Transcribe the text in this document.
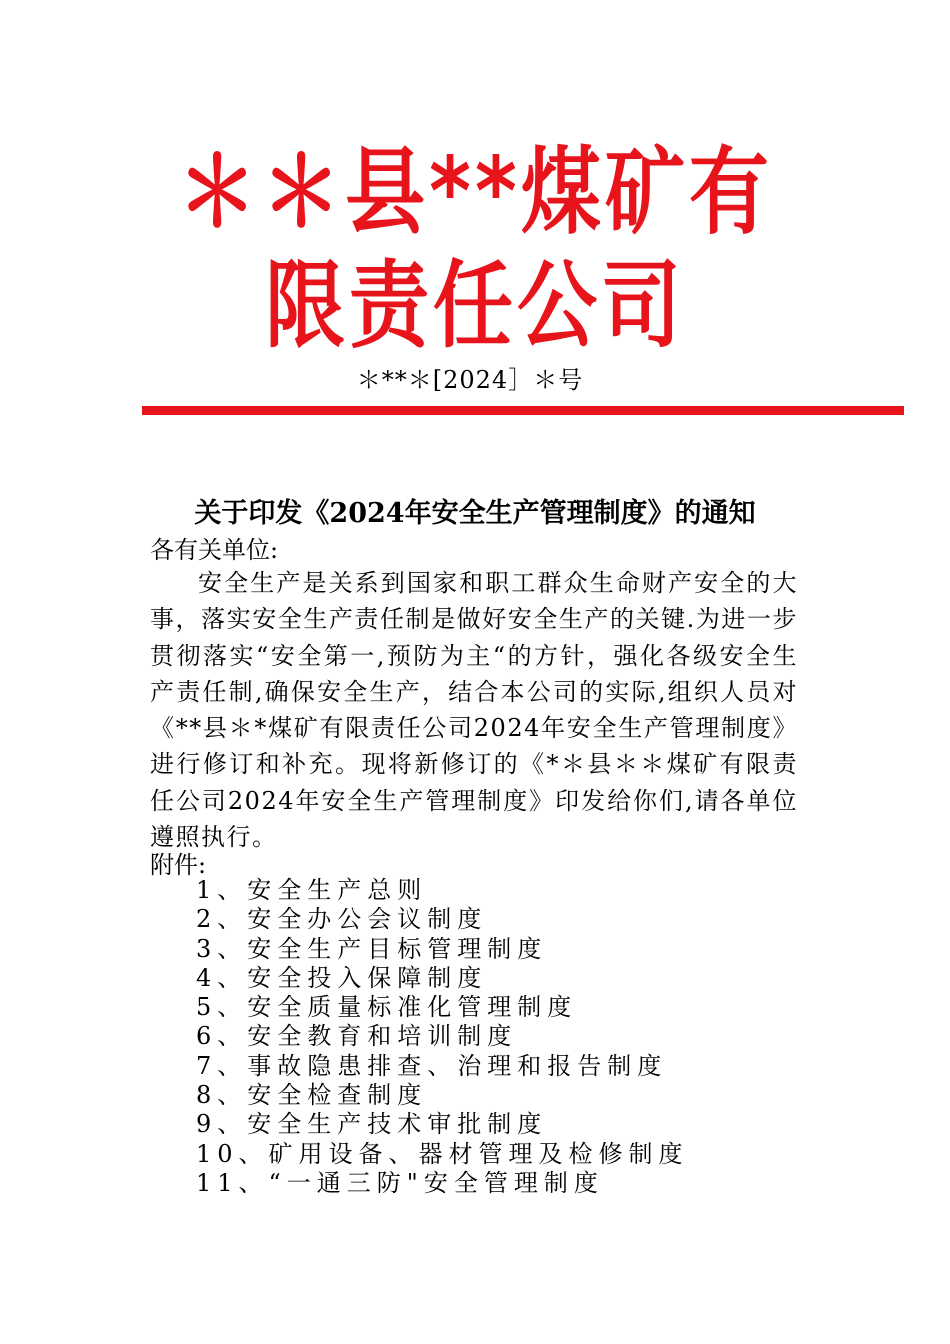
＊＊县**煤矿有限责任公司

＊**＊[2024］＊号

关于印发《2024年安全生产管理制度》的通知

各有关单位:

安全生产是关系到国家和职工群众生命财产安全的大事，落实安全生产责任制是做好安全生产的关键.为进一步贯彻落实“安全第一,预防为主“的方针，强化各级安全生产责任制,确保安全生产，结合本公司的实际,组织人员对《**县＊*煤矿有限责任公司2024年安全生产管理制度》进行修订和补充。现将新修订的《*＊县＊＊煤矿有限责任公司2024年安全生产管理制度》印发给你们,请各单位遵照执行。

附件:

1、安全生产总则
2、安全办公会议制度
3、安全生产目标管理制度
4、安全投入保障制度
5、安全质量标准化管理制度
6、安全教育和培训制度
7、事故隐患排查、治理和报告制度
8、安全检查制度
9、安全生产技术审批制度
10、矿用设备、器材管理及检修制度
11、“一通三防"安全管理制度
